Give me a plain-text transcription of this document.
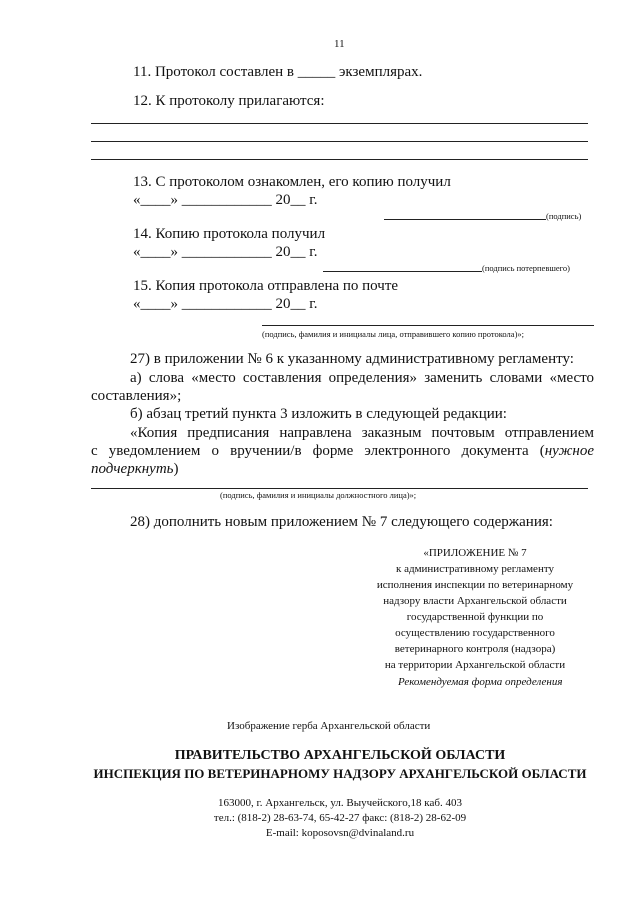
11
11. Протокол составлен в _____ экземплярах.
12. К протоколу прилагаются:
13. С протоколом ознакомлен, его копию получил
«____» ____________ 20__ г.
(подпись)
14. Копию протокола получил
«____» ____________ 20__ г.
(подпись потерпевшего)
15. Копия протокола отправлена по почте
«____» ____________ 20__ г.
(подпись, фамилия и инициалы лица, отправившего копию протокола)»;
27) в приложении № 6 к указанному административному регламенту:
а) слова «место составления определения» заменить словами «место
составления»;
б) абзац третий пункта 3 изложить в следующей редакции:
«Копия предписания направлена заказным почтовым отправлением
с уведомлением о вручении/в форме электронного документа (нужное
подчеркнуть)
(подпись, фамилия и инициалы должностного лица)»;
28) дополнить новым приложением № 7 следующего содержания:
«ПРИЛОЖЕНИЕ № 7
к административному регламенту
исполнения инспекции по ветеринарному
надзору власти Архангельской области
государственной функции по
осуществлению государственного
ветеринарного контроля (надзора)
на территории Архангельской области
Рекомендуемая форма определения
Изображение герба Архангельской области
ПРАВИТЕЛЬСТВО АРХАНГЕЛЬСКОЙ ОБЛАСТИ
ИНСПЕКЦИЯ ПО ВЕТЕРИНАРНОМУ НАДЗОРУ АРХАНГЕЛЬСКОЙ ОБЛАСТИ
163000, г. Архангельск, ул. Выучейского,18 каб. 403
тел.: (818-2) 28-63-74, 65-42-27 факс: (818-2) 28-62-09
E-mail: koposovsn@dvinaland.ru
